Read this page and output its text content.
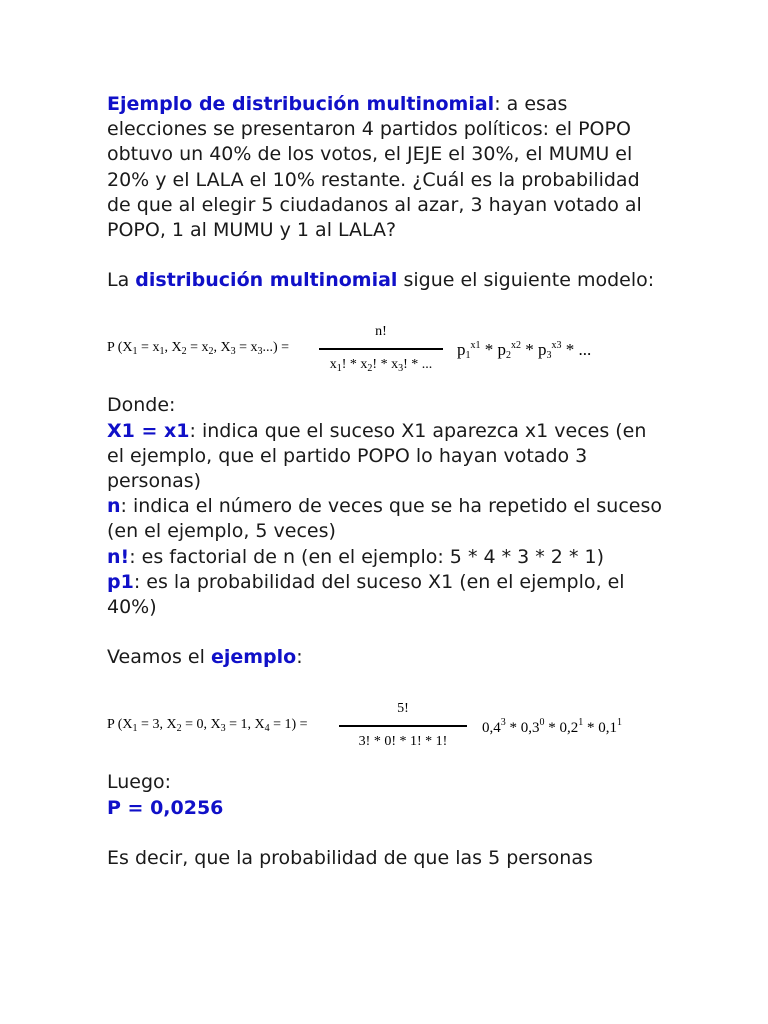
Ejemplo de distribución multinomial: a esas elecciones se presentaron 4 partidos políticos: el POPO obtuvo un 40% de los votos, el JEJE el 30%, el MUMU el 20% y el LALA el 10% restante. ¿Cuál es la probabilidad de que al elegir 5 ciudadanos al azar, 3 hayan votado al POPO, 1 al MUMU y 1 al LALA?

La distribución multinomial sigue el siguiente modelo:

P ($X_1 = x_1$, $X_2 = x_2$, $X_3 = x_3$...) =
n!
$x_1$! * $x_2$! * $x_3$! * ...
$p_1^{x1} * p_2^{x2} * p_3^{x3}$ * ...

Donde:

X1 = x1: indica que el suceso X1 aparezca x1 veces (en el ejemplo, que el partido POPO lo hayan votado 3 personas)

n: indica el número de veces que se ha repetido el suceso (en el ejemplo, 5 veces)

n!: es factorial de n (en el ejemplo: 5 * 4 * 3 * 2 * 1)

p1: es la probabilidad del suceso X1 (en el ejemplo, el 40%)

Veamos el ejemplo:

P ($X_1 = 3$, $X_2 = 0$, $X_3 = 1$, $X_4 = 1$) =
5!
3! * 0! * 1! * 1!
$0,4^3 * 0,3^0 * 0,2^1 * 0,1^1$

Luego:

P = 0,0256

Es decir, que la probabilidad de que las 5 personas
